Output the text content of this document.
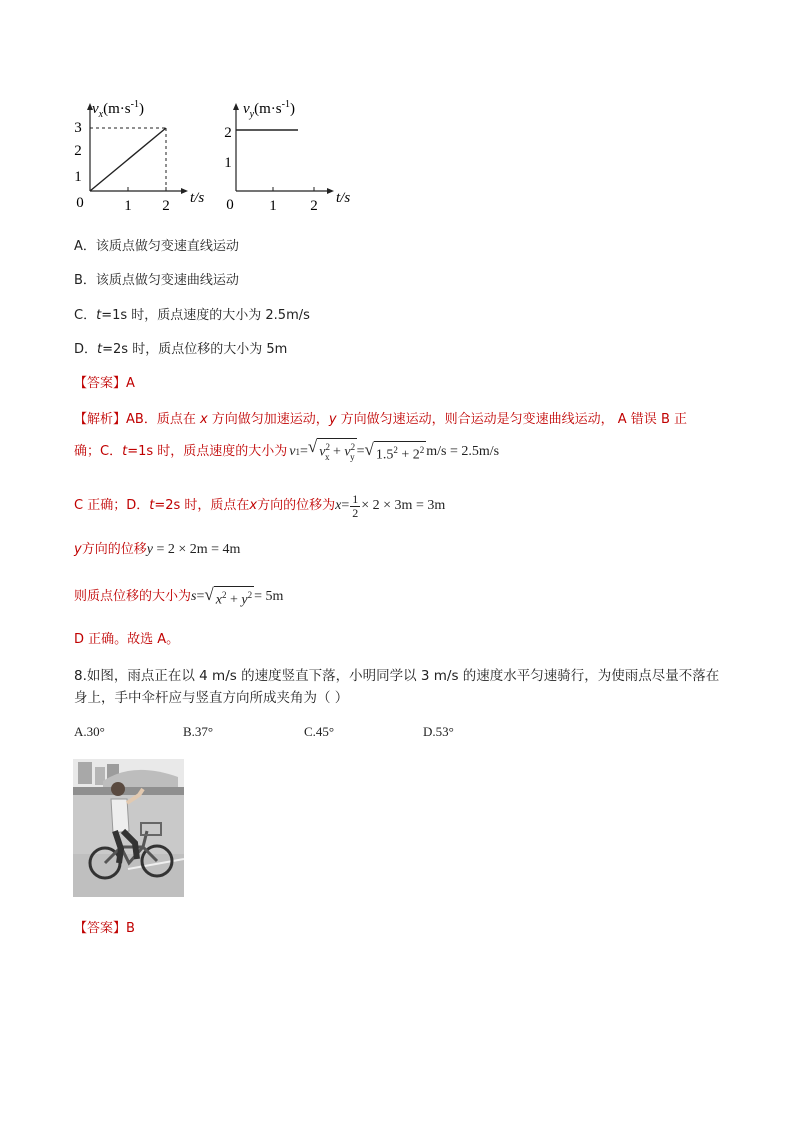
3
2
1
0	1 2 t/s
$v_x(m\cdot s^{-1})$
2
1
0 1 2 t/s
$v_y(m\cdot s^{-1})$
A．该质点做匀变速直线运动
B．该质点做匀变速曲线运动
C．t=1s 时，质点速度的大小为 2.5m/s
D．t=2s 时，质点位移的大小为 5m
【答案】A
【解析】AB．质点在 x 方向做匀加速运动，y 方向做匀速运动，则合运动是匀变速曲线运动， A 错误 B 正
确；C． t =1s 时，质点速度的大小为 v 1 = √ $v^2_x + v^2_y$ = √ $1.5^2 + 2^2$ m/s = 2.5m/s
C 正确；D． t =2s 时，质点在 x 方向的位移为 $x = \frac{1}{2} \times 2 \times 3m = 3m$
y 方向的位移 y = 2 × 2m = 4m
则质点位移的大小为 s = √ $x^2 + y^2 = 5m$
D 正确。故选 A。
8.如图，雨点正在以 4 m/s 的速度竖直下落，小明同学以 3 m/s 的速度水平匀速骑行，为使雨点尽量不落在
身上，手中伞杆应与竖直方向所成夹角为（ ）
A.30°	B.37°	C.45°	D.53°
【答案】B
